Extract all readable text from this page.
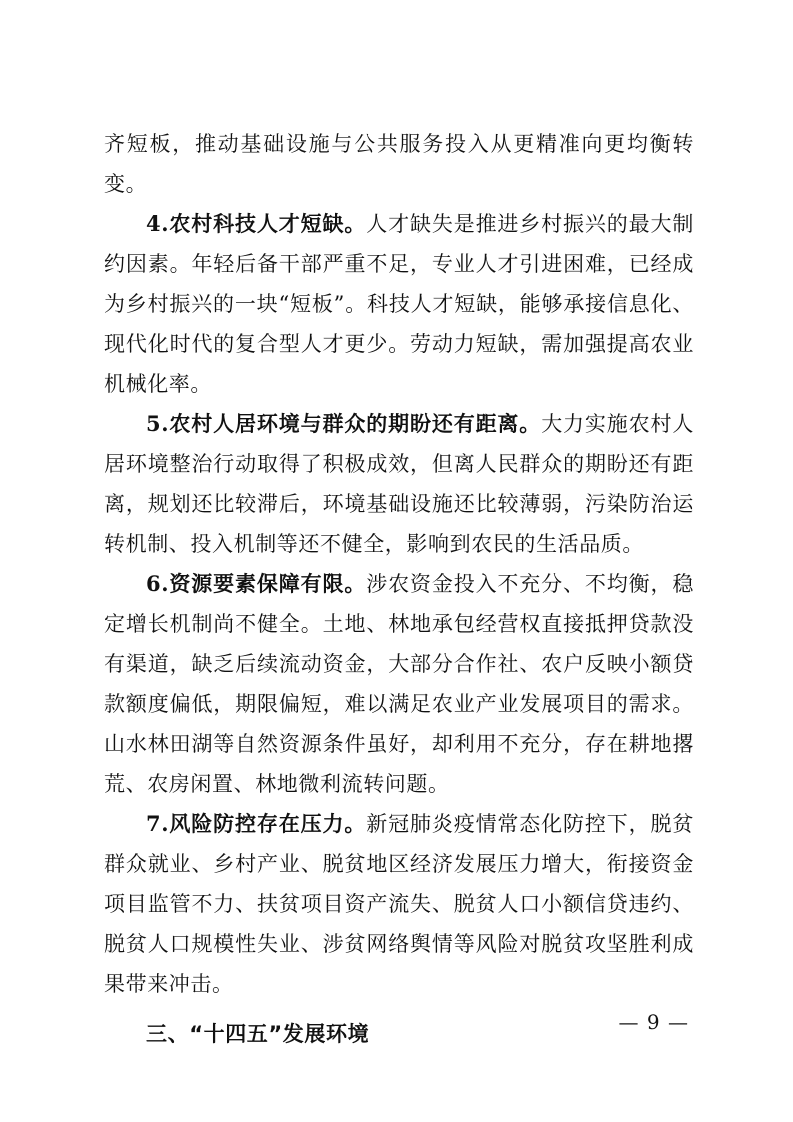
齐短板，推动基础设施与公共服务投入从更精准向更均衡转变。

4.农村科技人才短缺。人才缺失是推进乡村振兴的最大制约因素。年轻后备干部严重不足，专业人才引进困难，已经成为乡村振兴的一块“短板”。科技人才短缺，能够承接信息化、现代化时代的复合型人才更少。劳动力短缺，需加强提高农业机械化率。

5.农村人居环境与群众的期盼还有距离。大力实施农村人居环境整治行动取得了积极成效，但离人民群众的期盼还有距离，规划还比较滞后，环境基础设施还比较薄弱，污染防治运转机制、投入机制等还不健全，影响到农民的生活品质。

6.资源要素保障有限。涉农资金投入不充分、不均衡，稳定增长机制尚不健全。土地、林地承包经营权直接抵押贷款没有渠道，缺乏后续流动资金，大部分合作社、农户反映小额贷款额度偏低，期限偏短，难以满足农业产业发展项目的需求。山水林田湖等自然资源条件虽好，却利用不充分，存在耕地撂荒、农房闲置、林地微利流转问题。

7.风险防控存在压力。新冠肺炎疫情常态化防控下，脱贫群众就业、乡村产业、脱贫地区经济发展压力增大，衔接资金项目监管不力、扶贫项目资产流失、脱贫人口小额信贷违约、脱贫人口规模性失业、涉贫网络舆情等风险对脱贫攻坚胜利成果带来冲击。

三、“十四五”发展环境	— 9 —
